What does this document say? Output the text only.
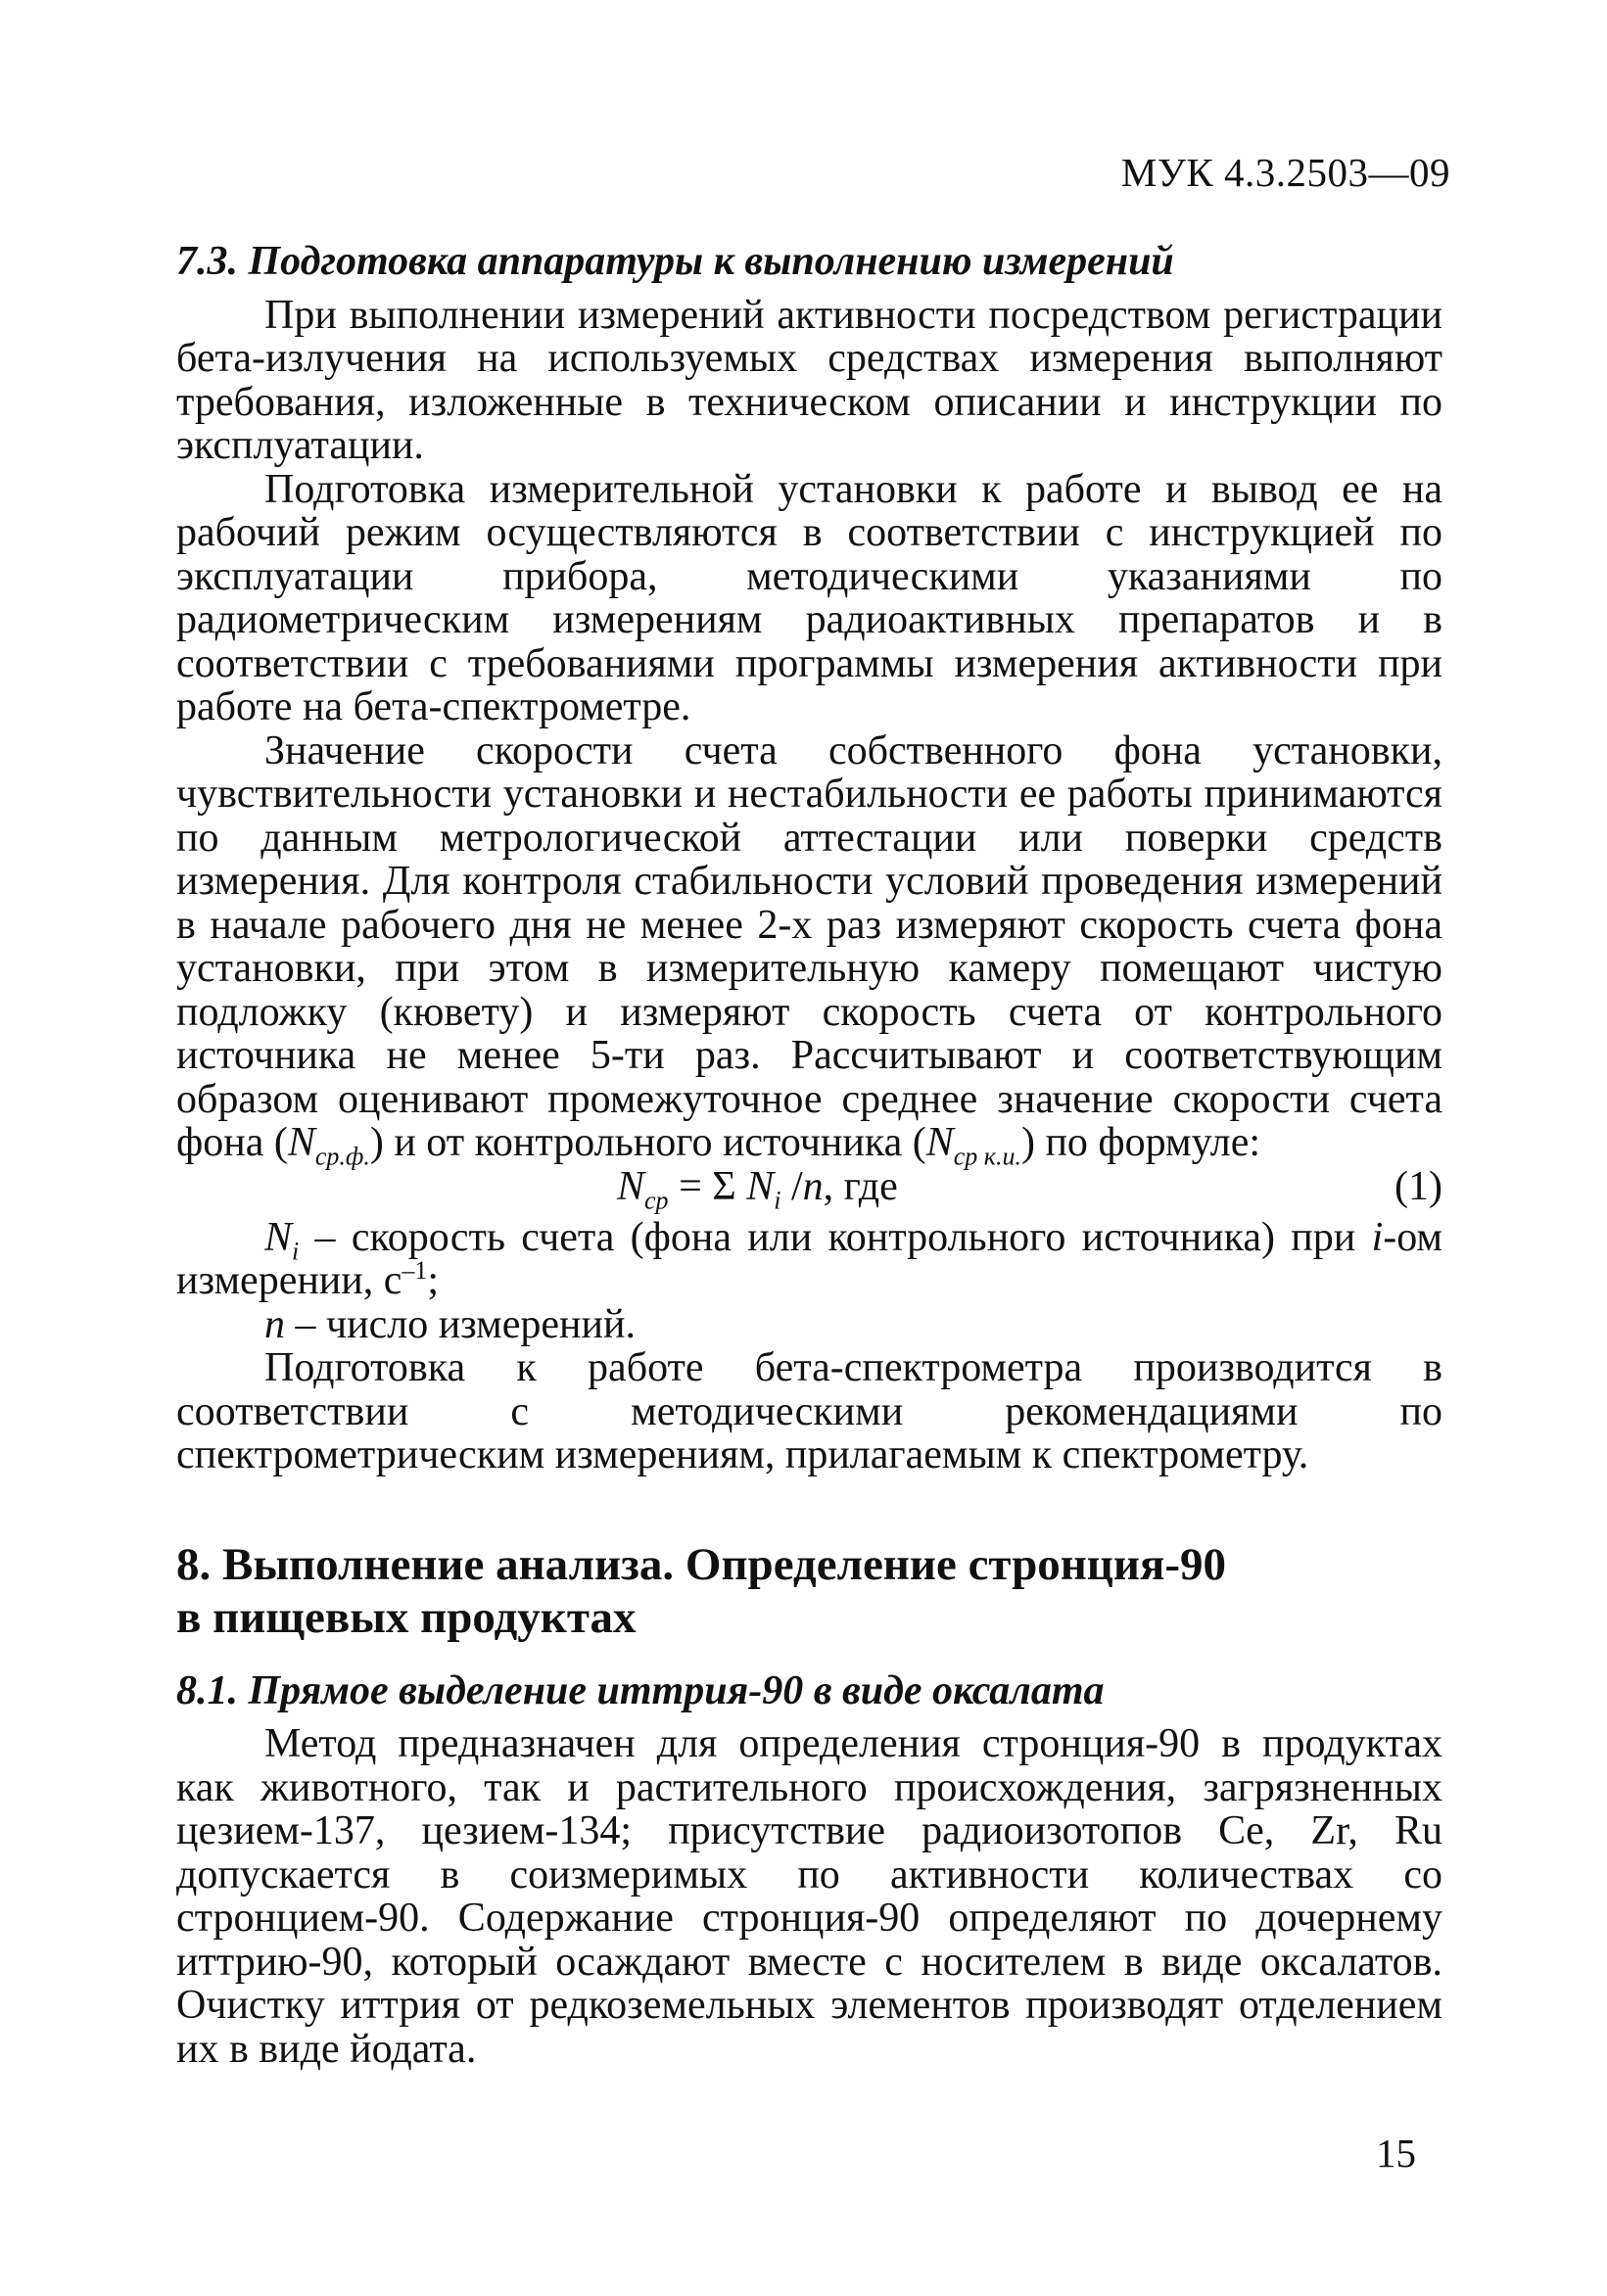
МУК 4.3.2503—09

7.3. Подготовка аппаратуры к выполнению измерений

При выполнении измерений активности посредством регистрации бета-излучения на используемых средствах измерения выполняют требования, изложенные в техническом описании и инструкции по эксплуатации.

Подготовка измерительной установки к работе и вывод ее на рабочий режим осуществляются в соответствии с инструкцией по эксплуатации прибора, методическими указаниями по радиометрическим измерениям радиоактивных препаратов и в соответствии с требованиями программы измерения активности при работе на бета-спектрометре.

Значение скорости счета собственного фона установки, чувствительности установки и нестабильности ее работы принимаются по данным метрологической аттестации или поверки средств измерения. Для контроля стабильности условий проведения измерений в начале рабочего дня не менее 2-х раз измеряют скорость счета фона установки, при этом в измерительную камеру помещают чистую подложку (кювету) и измеряют скорость счета от контрольного источника не менее 5-ти раз. Рассчитывают и соответствующим образом оценивают промежуточное среднее значение скорости счета фона $(N_{ср.ф.})$ и от контрольного источника $(N_{ср к.и.})$ по формуле:

$N_{ср} = \Sigma$ $N_i$ /n, где	(1)

$N_i$ – скорость счета (фона или контрольного источника) при i-ом измерении, $с^{-1}$;

n – число измерений.

Подготовка к работе бета-спектрометра производится в соответствии с методическими рекомендациями по спектрометрическим измерениям, прилагаемым к спектрометру.

8. Выполнение анализа. Определение стронция-90
в пищевых продуктах

8.1. Прямое выделение иттрия-90 в виде оксалата

Метод предназначен для определения стронция-90 в продуктах как животного, так и растительного происхождения, загрязненных цезием-137, цезием-134; присутствие радиоизотопов Ce, Zr, Ru допускается в соизмеримых по активности количествах со стронцием-90. Содержание стронция-90 определяют по дочернему иттрию-90, который осаждают вместе с носителем в виде оксалатов. Очистку иттрия от редкоземельных элементов производят отделением их в виде йодата.

15
